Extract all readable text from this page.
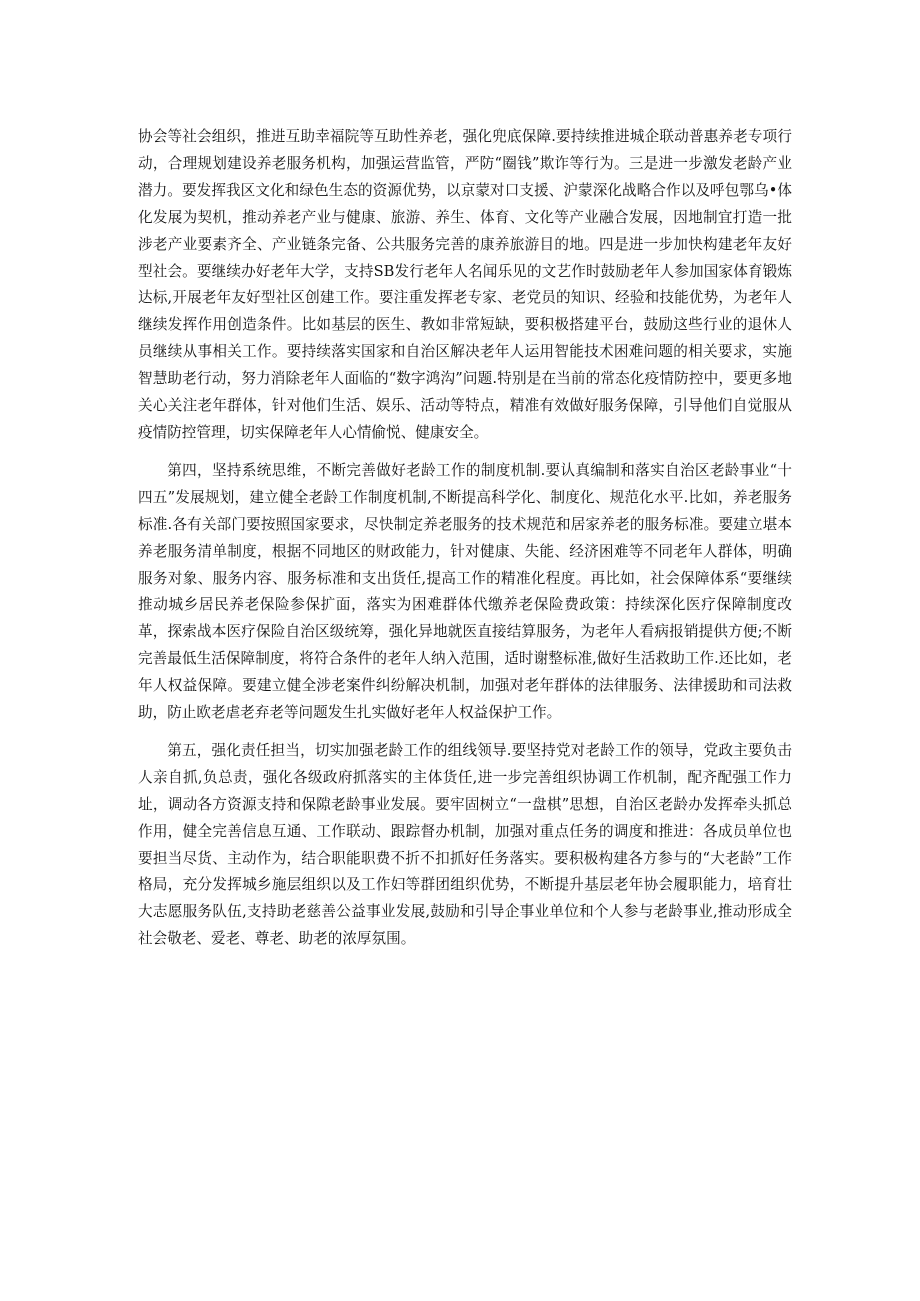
协会等社会组织，推进互助幸福院等互助性养老，强化兜底保障.要持续推进城企联动普惠养老专项行动，合理规划建设养老服务机构，加强运营监管，严防“圈钱”欺诈等行为。三是进一步激发老龄产业潜力。要发挥我区文化和绿色生态的资源优势，以京蒙对口支援、沪蒙深化战略合作以及呼包鄂乌•体化发展为契机，推动养老产业与健康、旅游、养生、体育、文化等产业融合发展，因地制宜打造一批涉老产业要素齐全、产业链条完备、公共服务完善的康养旅游目的地。四是进一步加快构建老年友好型社会。要继续办好老年大学，支持SB发行老年人名闻乐见的文艺作时鼓励老年人参加国家体育锻炼达标,开展老年友好型社区创建工作。要注重发挥老专家、老党员的知识、经验和技能优势，为老年人继续发挥作用创造条件。比如基层的医生、教如非常短缺，要积极搭建平台，鼓励这些行业的退休人员继续从事相关工作。要持续落实国家和自治区解决老年人运用智能技术困难问题的相关要求，实施智慧助老行动，努力消除老年人面临的“数字鸿沟”问题.特别是在当前的常态化疫情防控中，要更多地关心关注老年群体，针对他们生活、娱乐、活动等特点，精准有效做好服务保障，引导他们自觉服从疫情防控管理，切实保障老年人心情偷悦、健康安全。

第四，坚持系统思维，不断完善做好老龄工作的制度机制.要认真编制和落实自治区老龄事业“十四五”发展规划，建立健全老龄工作制度机制,不断提高科学化、制度化、规范化水平.比如，养老服务标准.各有关部门要按照国家要求，尽快制定养老服务的技术规范和居家养老的服务标准。要建立堪本养老服务清单制度，根据不同地区的财政能力，针对健康、失能、经济困难等不同老年人群体，明确服务对象、服务内容、服务标准和支出货任,提高工作的精准化程度。再比如，社会保障体系“要继续推动城乡居民养老保险参保扩面，落实为困难群体代缴养老保险费政策：持续深化医疗保障制度改革，探索战本医疗保险自治区级统筹，强化异地就医直接结算服务，为老年人看病报销提供方便;不断完善最低生活保障制度，将符合条件的老年人纳入范围，适时谢整标准,做好生活救助工作.还比如，老年人权益保障。要建立健全涉老案件纠纷解决机制，加强对老年群体的法律服务、法律援助和司法救助，防止欧老虐老弃老等问题发生扎实做好老年人权益保护工作。

第五，强化责任担当，切实加强老龄工作的组线领导.要坚持党对老龄工作的领导，党政主要负击人亲自抓,负总责，强化各级政府抓落实的主体货任,进一步完善组织协调工作机制，配齐配强工作力址，调动各方资源支持和保隙老龄事业发展。要牢固树立“一盘棋”思想，自治区老龄办发挥牵头抓总作用，健全完善信息互通、工作联动、跟踪督办机制，加强对重点任务的调度和推进：各成员单位也要担当尽货、主动作为，结合职能职费不折不扣抓好任务落实。要积极构建各方参与的“大老龄”工作格局，充分发挥城乡施层组织以及工作妇等群团组织优势，不断提升基层老年协会履职能力，培育壮大志愿服务队伍,支持助老慈善公益事业发展,鼓励和引导企事业单位和个人参与老龄事业,推动形成全社会敬老、爱老、尊老、助老的浓厚氛围。
